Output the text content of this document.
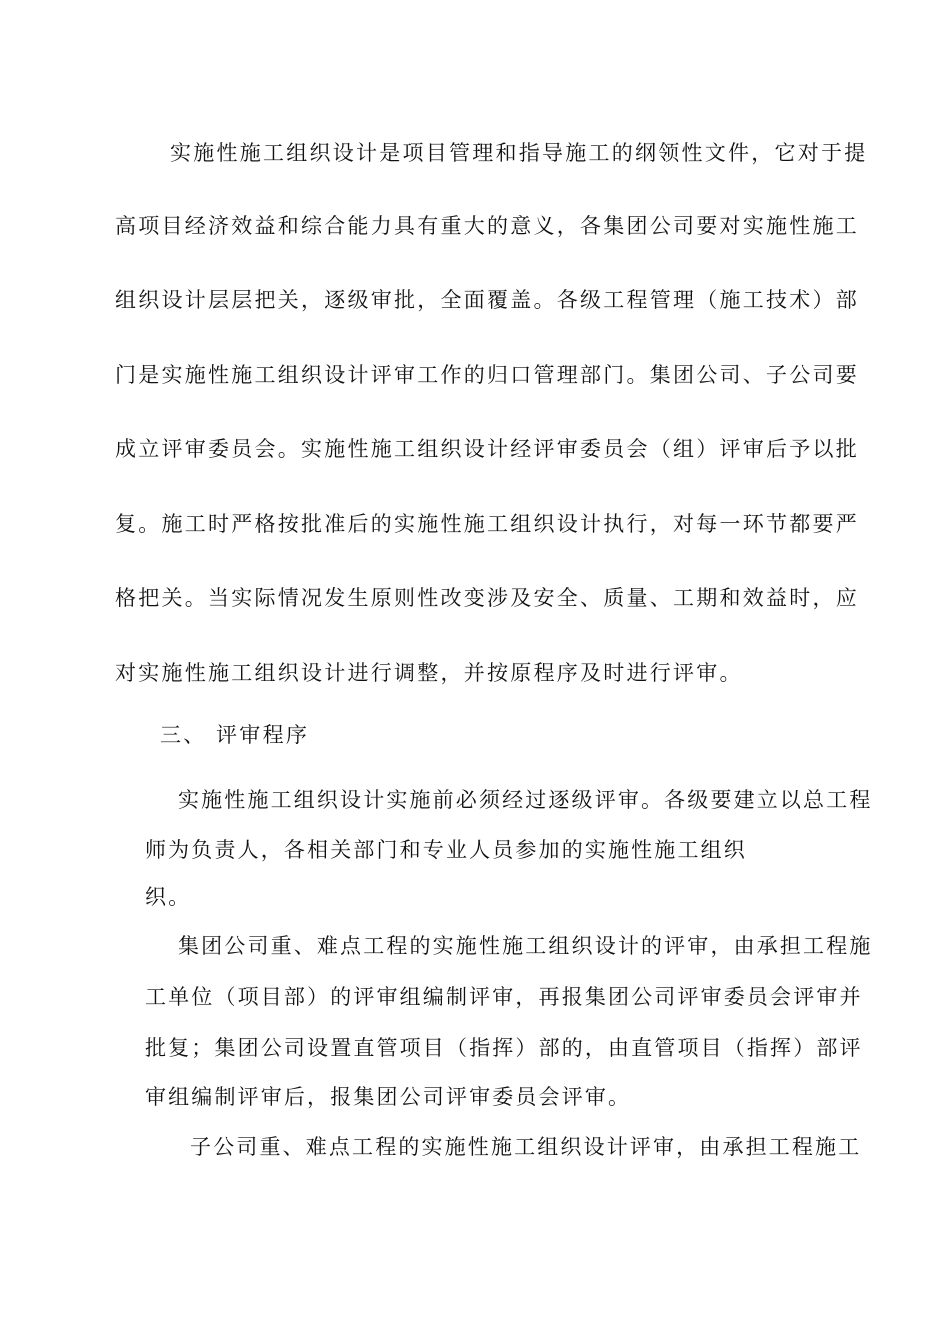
实施性施工组织设计是项目管理和指导施工的纲领性文件，它对于提
高项目经济效益和综合能力具有重大的意义，各集团公司要对实施性施工
组织设计层层把关，逐级审批，全面覆盖。各级工程管理（施工技术）部
门是实施性施工组织设计评审工作的归口管理部门。集团公司、子公司要
成立评审委员会。实施性施工组织设计经评审委员会（组）评审后予以批
复。施工时严格按批准后的实施性施工组织设计执行，对每一环节都要严
格把关。当实际情况发生原则性改变涉及安全、质量、工期和效益时，应
对实施性施工组织设计进行调整，并按原程序及时进行评审。
三、 评审程序
实施性施工组织设计实施前必须经过逐级评审。各级要建立以总工程
师为负责人，各相关部门和专业人员参加的实施性施工组织
织。
集团公司重、难点工程的实施性施工组织设计的评审，由承担工程施
工单位（项目部）的评审组编制评审，再报集团公司评审委员会评审并
批复；集团公司设置直管项目（指挥）部的，由直管项目（指挥）部评
审组编制评审后，报集团公司评审委员会评审。
子公司重、难点工程的实施性施工组织设计评审，由承担工程施工
